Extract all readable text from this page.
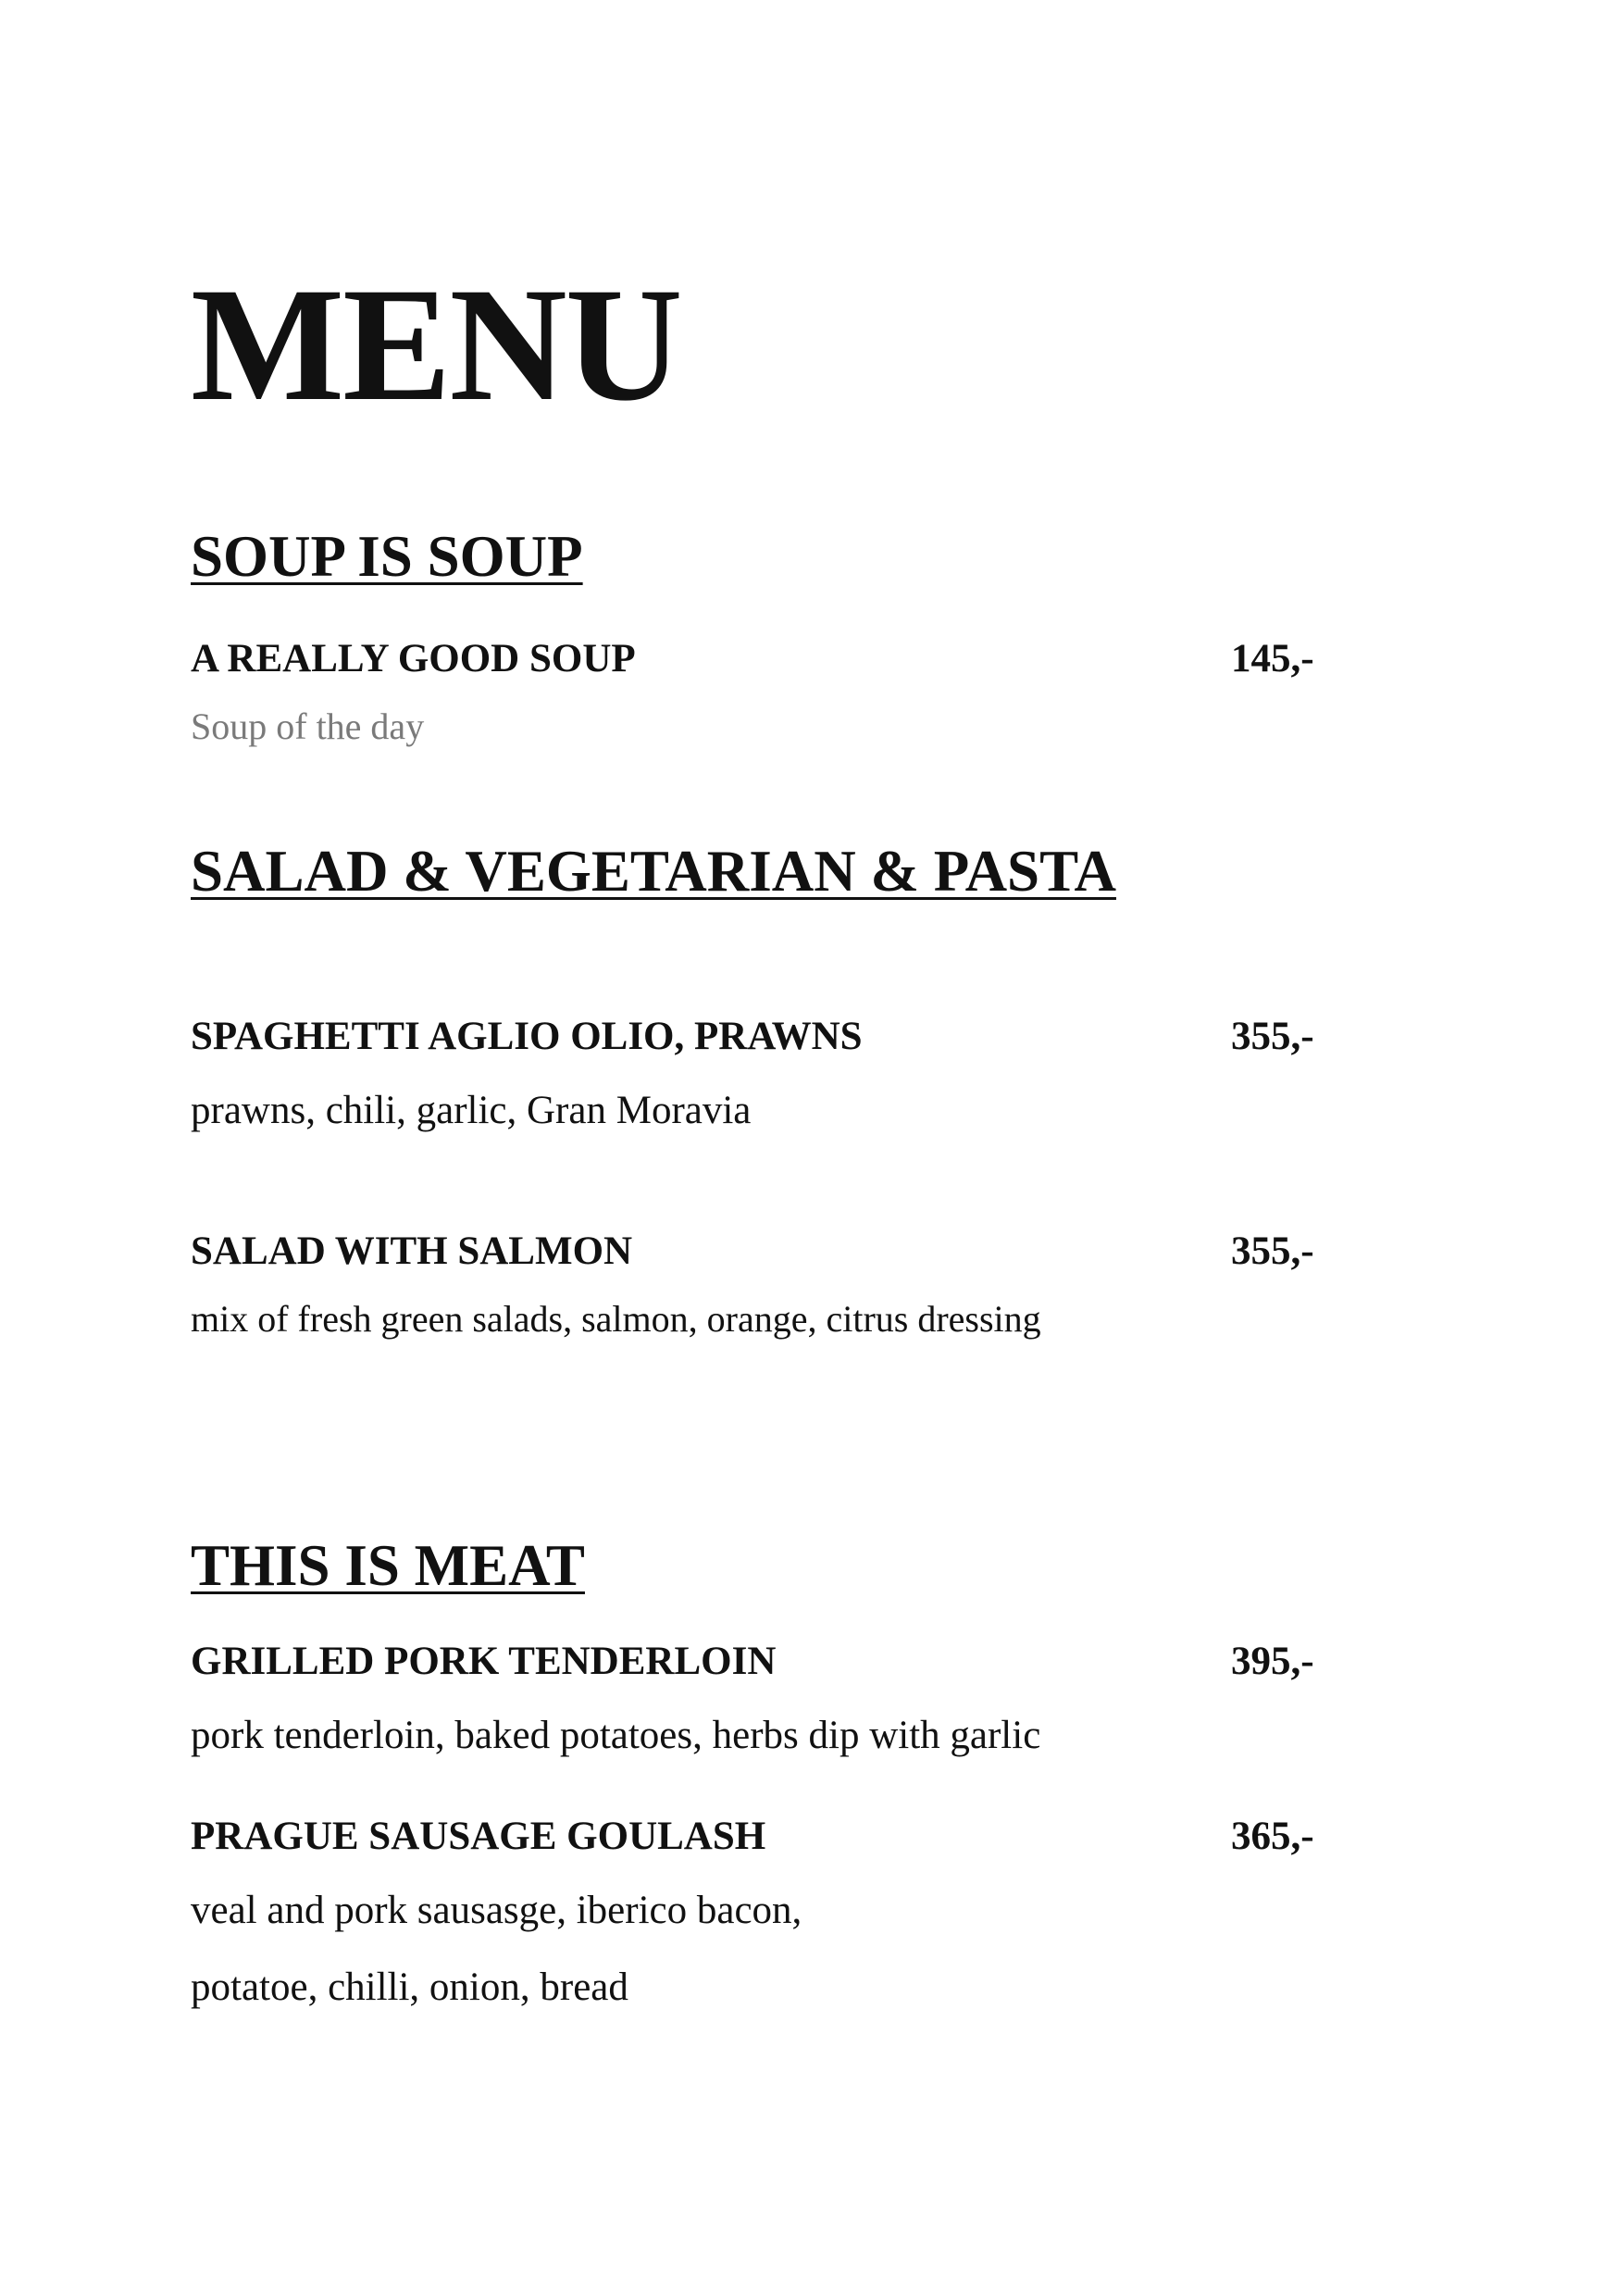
MENU
SOUP IS SOUP
A REALLY GOOD SOUP	145,-
Soup of the day
SALAD & VEGETARIAN & PASTA
SPAGHETTI AGLIO OLIO, PRAWNS	355,-
prawns, chili, garlic, Gran Moravia
SALAD WITH SALMON	355,-
mix of fresh green salads, salmon, orange, citrus dressing
THIS IS MEAT
GRILLED PORK TENDERLOIN	395,-
pork tenderloin, baked potatoes, herbs dip with garlic
PRAGUE SAUSAGE GOULASH	365,-
veal and pork sausasge, iberico bacon,
potatoe, chilli, onion, bread
